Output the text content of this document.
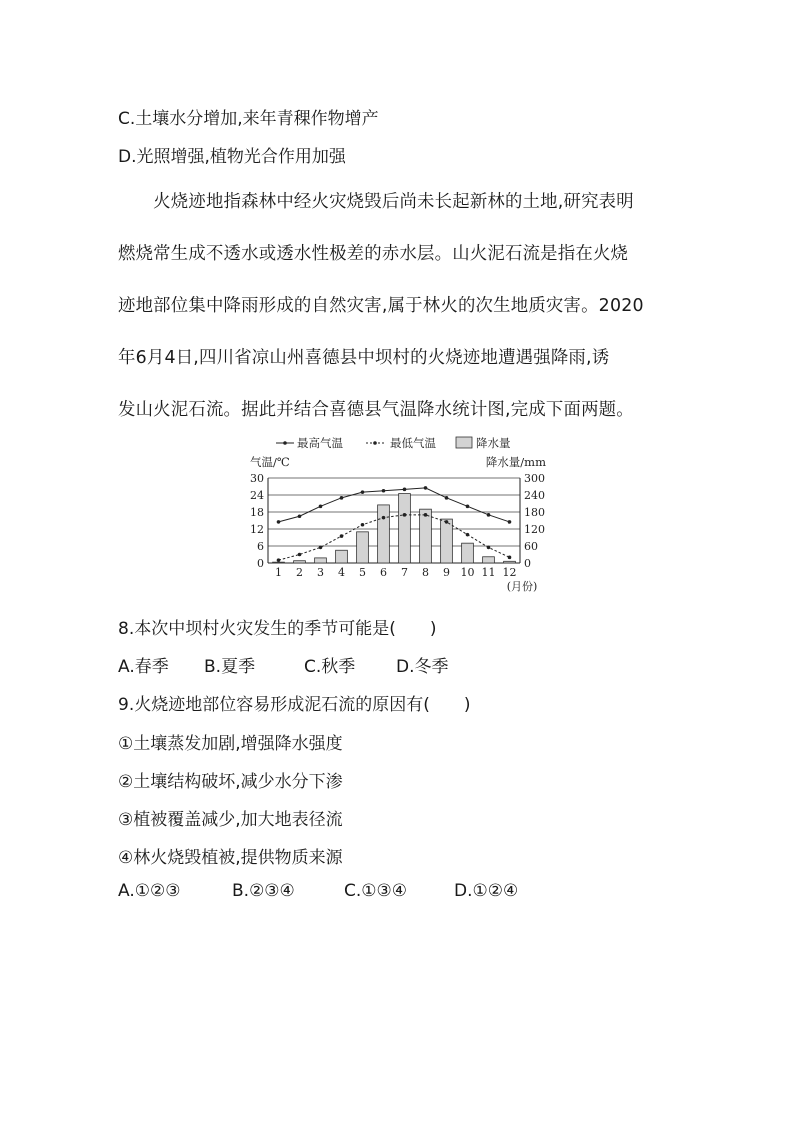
C.土壤水分增加,来年青稞作物增产
D.光照增强,植物光合作用加强

　　火烧迹地指森林中经火灾烧毁后尚未长起新林的土地,研究表明

燃烧常生成不透水或透水性极差的赤水层。山火泥石流是指在火烧

迹地部位集中降雨形成的自然灾害,属于林火的次生地质灾害。2020

年6月4日,四川省凉山州喜德县中坝村的火烧迹地遭遇强降雨,诱

发山火泥石流。据此并结合喜德县气温降水统计图,完成下面两题。

最高气温	最低气温	降水量
气温/℃	降水量/mm
0
6
12
18
24
30
0
60
120
180
240
300
1 2 3 4 5 6 7 8 9 10 11 12
(月份)
8.本次中坝村火灾发生的季节可能是(　　)
A.春季 B.夏季	C.秋季 D.冬季
9.火烧迹地部位容易形成泥石流的原因有(　　)
①土壤蒸发加剧,增强降水强度
②土壤结构破坏,减少水分下渗
③植被覆盖减少,加大地表径流
④林火烧毁植被,提供物质来源
A.①②③	B.②③④	C.①③④	D.①②④
